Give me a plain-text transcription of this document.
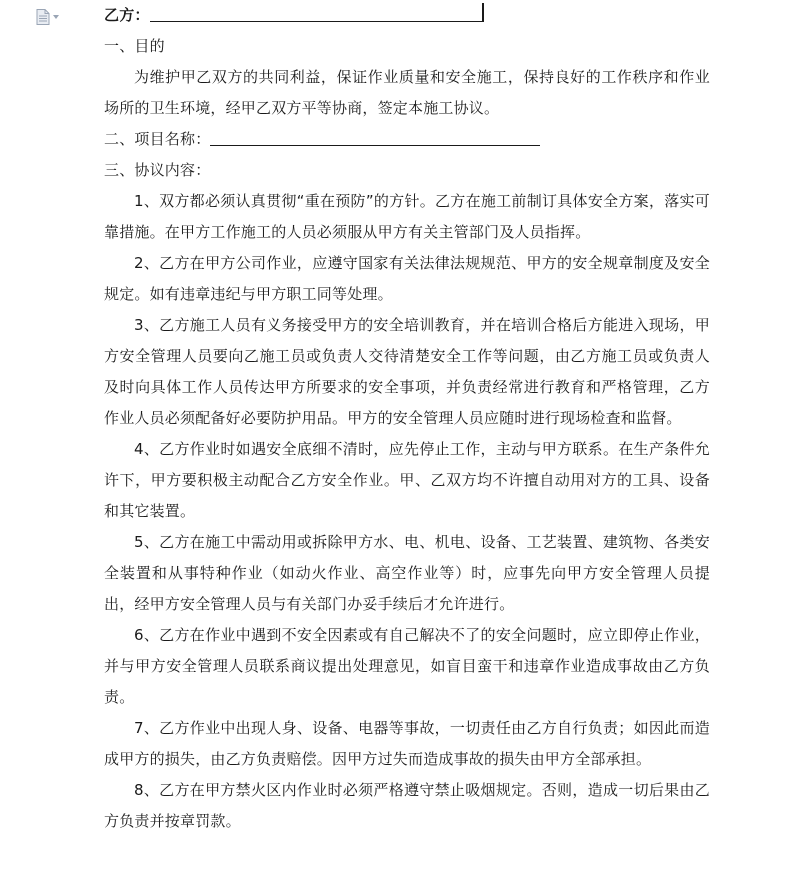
乙方：
一、目的

为维护甲乙双方的共同利益，保证作业质量和安全施工，保持良好的工作秩序和作业场所的卫生环境，经甲乙双方平等协商，签定本施工协议。

二、项目名称：
三、协议内容：

1、双方都必须认真贯彻“重在预防”的方针。乙方在施工前制订具体安全方案，落实可靠措施。在甲方工作施工的人员必须服从甲方有关主管部门及人员指挥。

2、乙方在甲方公司作业，应遵守国家有关法律法规规范、甲方的安全规章制度及安全规定。如有违章违纪与甲方职工同等处理。

3、乙方施工人员有义务接受甲方的安全培训教育，并在培训合格后方能进入现场，甲方安全管理人员要向乙施工员或负责人交待清楚安全工作等问题，由乙方施工员或负责人及时向具体工作人员传达甲方所要求的安全事项，并负责经常进行教育和严格管理，乙方作业人员必须配备好必要防护用品。甲方的安全管理人员应随时进行现场检查和监督。

4、乙方作业时如遇安全底细不清时，应先停止工作，主动与甲方联系。在生产条件允许下，甲方要积极主动配合乙方安全作业。甲、乙双方均不许擅自动用对方的工具、设备和其它装置。

5、乙方在施工中需动用或拆除甲方水、电、机电、设备、工艺装置、建筑物、各类安全装置和从事特种作业（如动火作业、高空作业等）时，应事先向甲方安全管理人员提出，经甲方安全管理人员与有关部门办妥手续后才允许进行。

6、乙方在作业中遇到不安全因素或有自己解决不了的安全问题时，应立即停止作业，并与甲方安全管理人员联系商议提出处理意见，如盲目蛮干和违章作业造成事故由乙方负责。

7、乙方作业中出现人身、设备、电器等事故，一切责任由乙方自行负责；如因此而造成甲方的损失，由乙方负责赔偿。因甲方过失而造成事故的损失由甲方全部承担。

8、乙方在甲方禁火区内作业时必须严格遵守禁止吸烟规定。否则，造成一切后果由乙方负责并按章罚款。
